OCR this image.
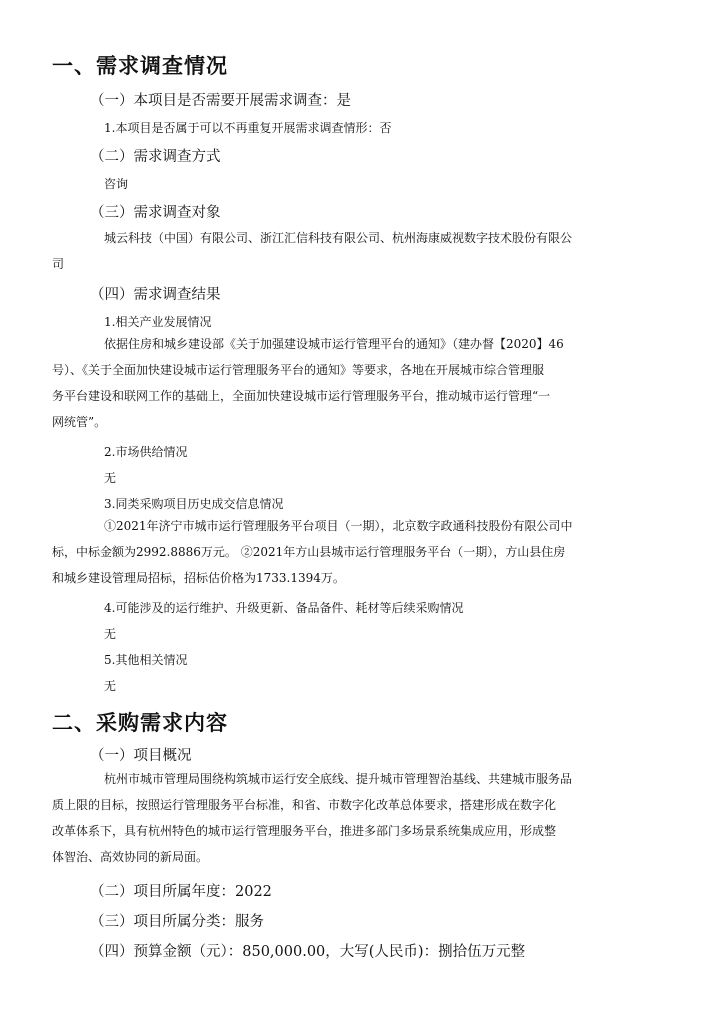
一、需求调查情况
（一）本项目是否需要开展需求调查：是
1.本项目是否属于可以不再重复开展需求调查情形：否
（二）需求调查方式
咨询
（三）需求调查对象
城云科技（中国）有限公司、浙江汇信科技有限公司、杭州海康威视数字技术股份有限公
司
（四）需求调查结果
1.相关产业发展情况
依据住房和城乡建设部《关于加强建设城市运行管理平台的通知》（建办督【2020】46
号）、《关于全面加快建设城市运行管理服务平台的通知》等要求，各地在开展城市综合管理服
务平台建设和联网工作的基础上，全面加快建设城市运行管理服务平台，推动城市运行管理“一
网统管”。
2.市场供给情况
无
3.同类采购项目历史成交信息情况
①2021年济宁市城市运行管理服务平台项目（一期），北京数字政通科技股份有限公司中
标，中标金额为2992.8886万元。 ②2021年方山县城市运行管理服务平台（一期），方山县住房
和城乡建设管理局招标，招标估价格为1733.1394万。
4.可能涉及的运行维护、升级更新、备品备件、耗材等后续采购情况
无
5.其他相关情况
无
二、采购需求内容
（一）项目概况
杭州市城市管理局围绕构筑城市运行安全底线、提升城市管理智治基线、共建城市服务品
质上限的目标，按照运行管理服务平台标准，和省、市数字化改革总体要求，搭建形成在数字化
改革体系下，具有杭州特色的城市运行管理服务平台，推进多部门多场景系统集成应用，形成整
体智治、高效协同的新局面。
（二）项目所属年度：2022
（三）项目所属分类：服务
（四）预算金额（元）：850,000.00，大写(人民币)：捌拾伍万元整
